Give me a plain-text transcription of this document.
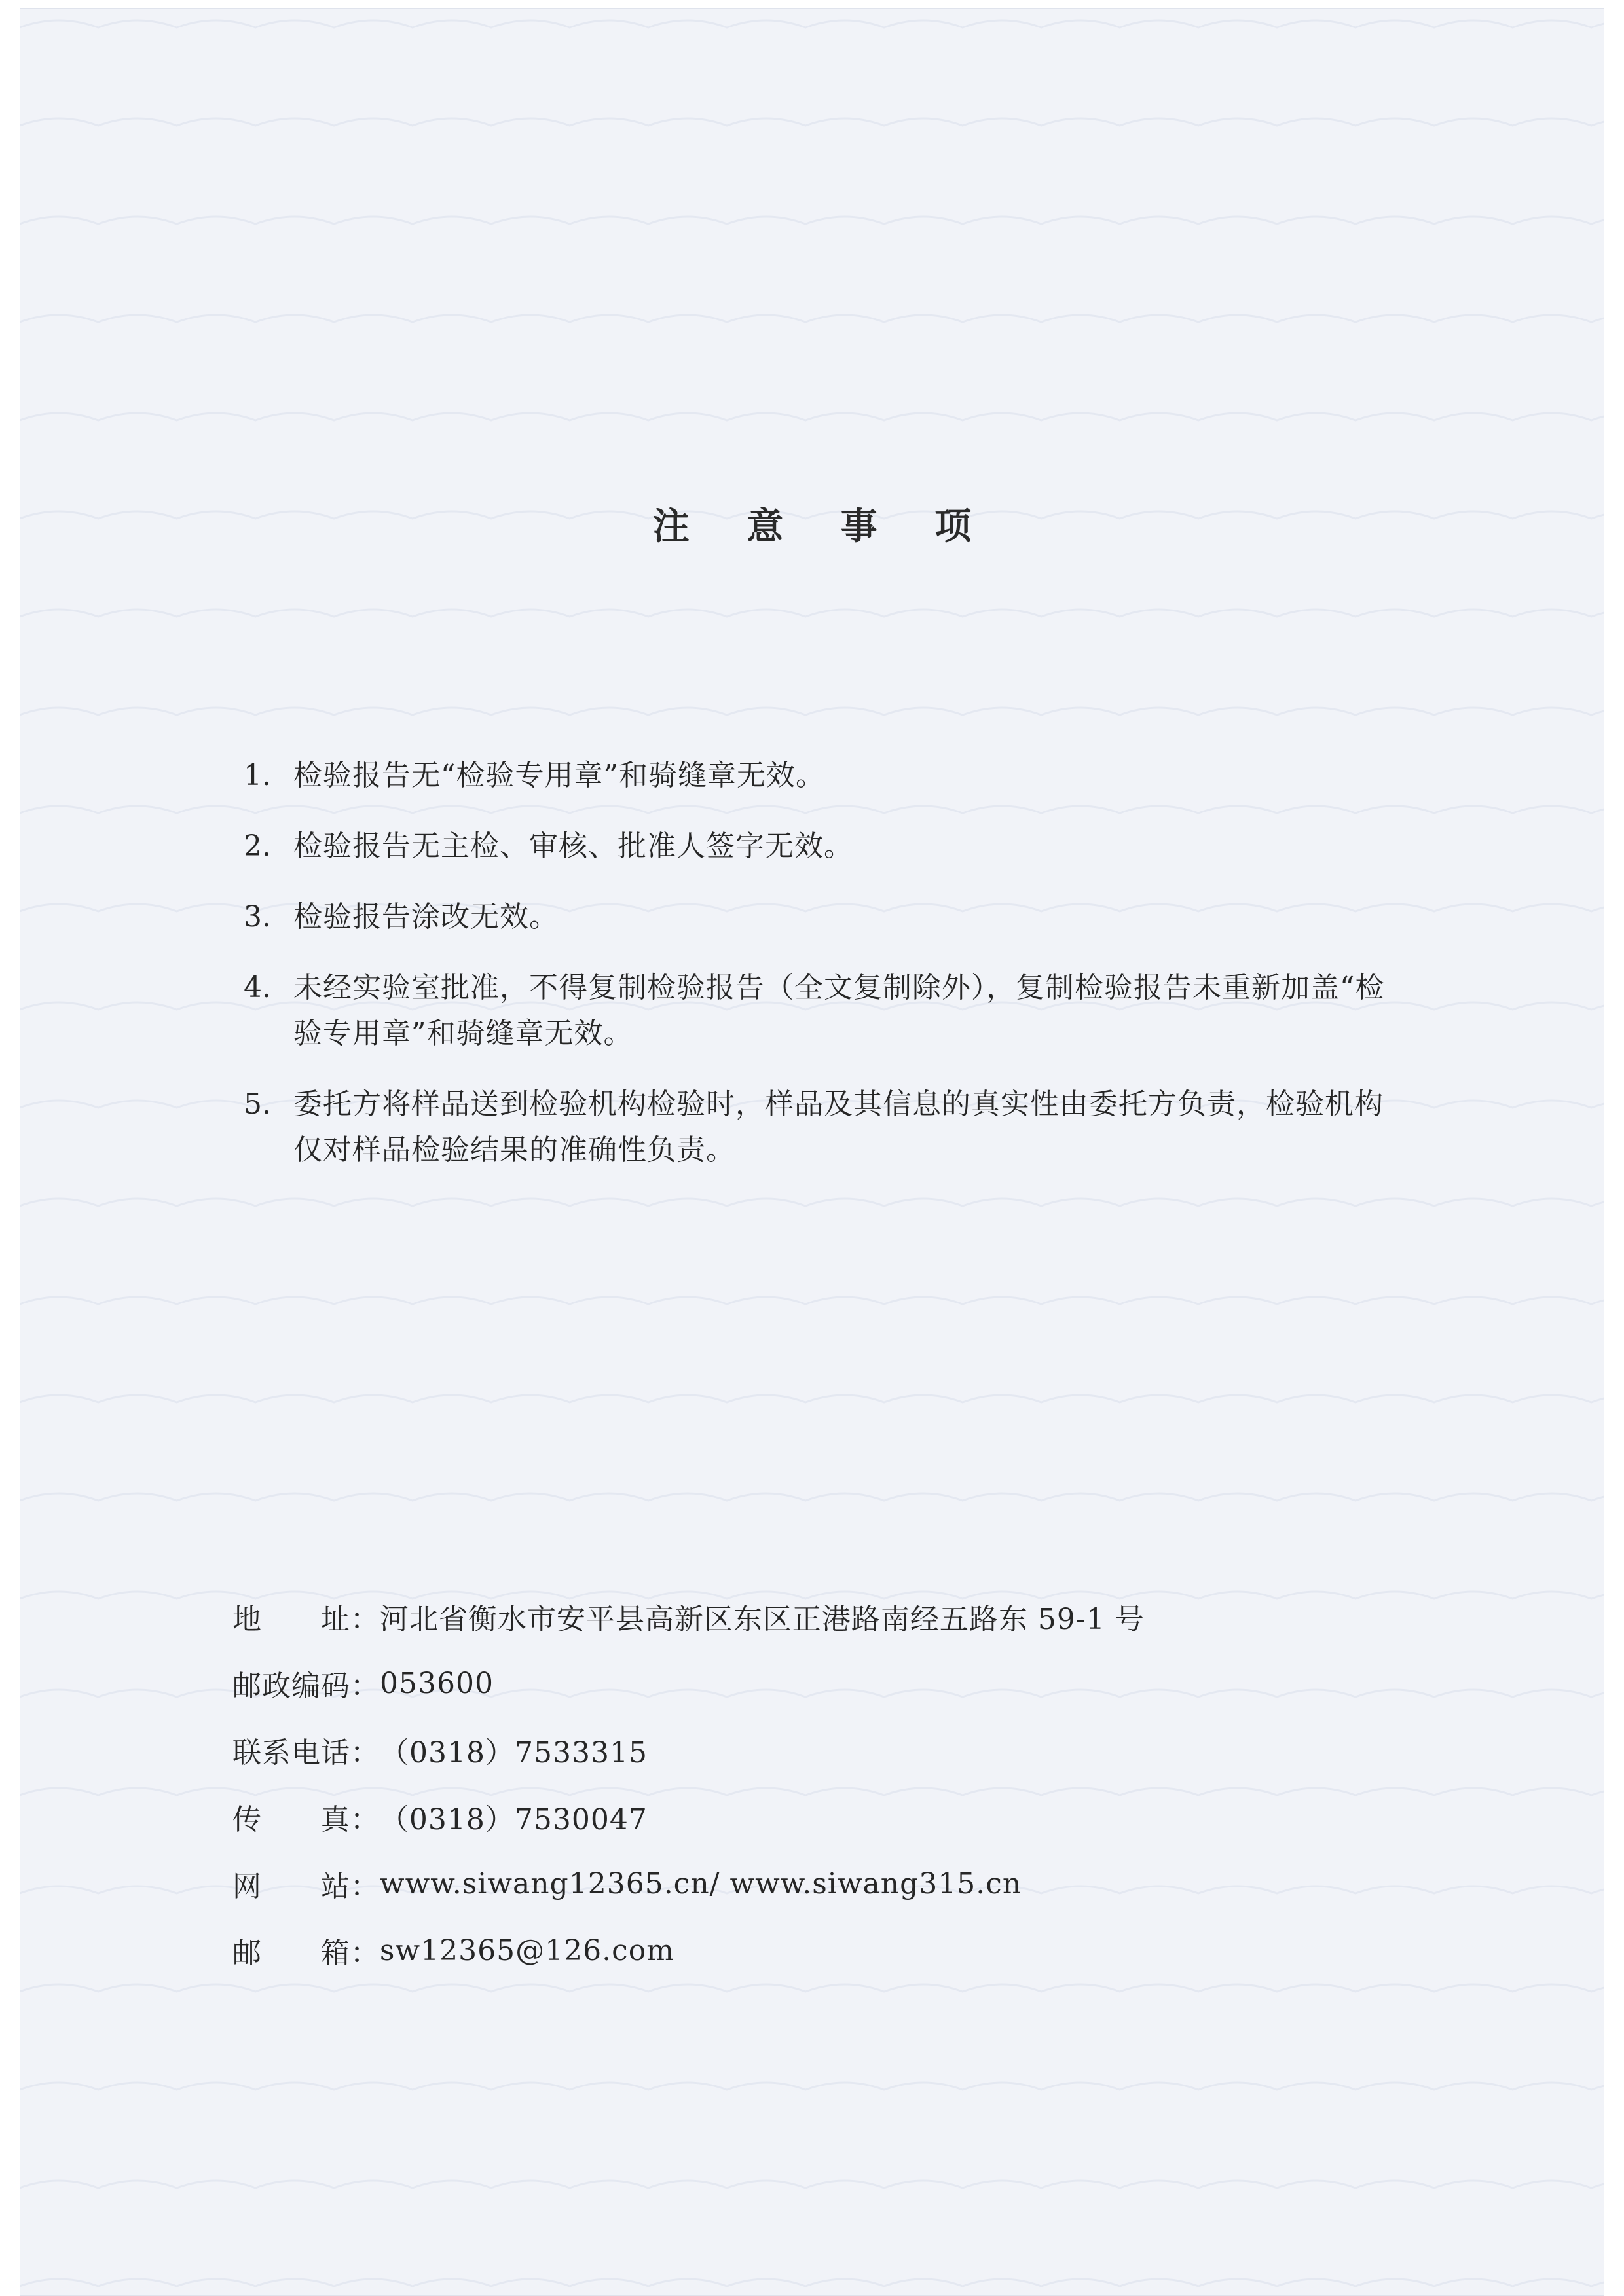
注 意 事 项
1. 检验报告无“检验专用章”和骑缝章无效。
2. 检验报告无主检、审核、批准人签字无效。
3. 检验报告涂改无效。
4. 未经实验室批准，不得复制检验报告（全文复制除外），复制检验报告未重新加盖“检验专用章”和骑缝章无效。
5. 委托方将样品送到检验机构检验时，样品及其信息的真实性由委托方负责，检验机构仅对样品检验结果的准确性负责。
地      址： 河北省衡水市安平县高新区东区正港路南经五路东 59-1 号
邮政编码： 053600
联系电话： （0318）7533315
传      真： （0318）7530047
网      站： www.siwang12365.cn/ www.siwang315.cn
邮      箱： sw12365@126.com
